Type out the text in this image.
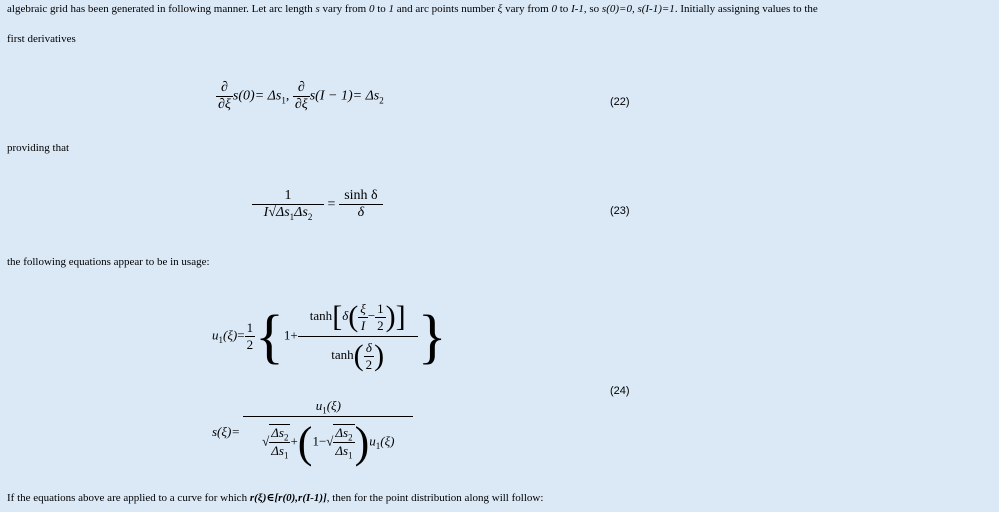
algebraic grid has been generated in following manner. Let arc length s vary from 0 to 1 and arc points number ξ vary from 0 to I-1, so s(0)=0, s(I-1)=1. Initially assigning values to the
first derivatives
$\frac{\partial}{\partial\xi} s(0)= \Delta s_1$, $\frac{\partial}{\partial\xi} s(I - 1)= \Delta s_2$	(22)
providing that
$\frac{1}{I√\Delta s_1\Delta s_2} = \frac{\text{sinh δ}}{\delta}$	(23)
the following equations appear to be in usage:
$u_1(\xi)= \frac{1}{2} \{1+ \frac{\tanh[\delta( \frac{\xi}{I} - \frac{1}{2} )]}{\tanh( \frac{\delta}{2} )}$ }
$s(\xi)= \frac{u_1(\xi)}{√ \frac{\Delta s_2}{\Delta s_1} +(1-√ \frac{\Delta s_2}{\Delta s_1} )u_1(\xi)}$
(24)
If the equations above are applied to a curve for which r(ξ)∈[r(0),r(I-1)], then for the point distribution along will follow:
